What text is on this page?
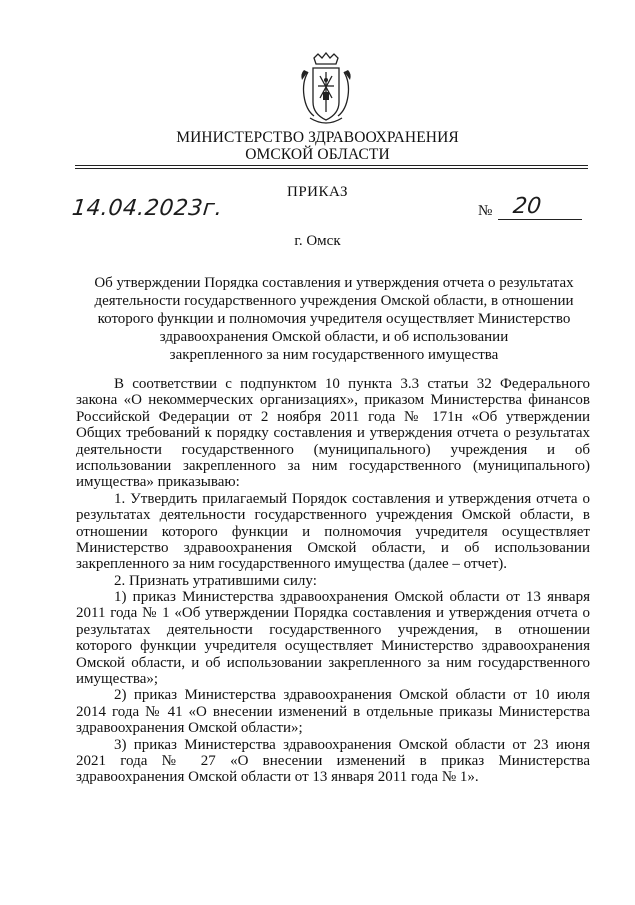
МИНИСТЕРСТВО ЗДРАВООХРАНЕНИЯ
ОМСКОЙ ОБЛАСТИ
ПРИКАЗ
14.04.2023г.	№ 20
г. Омск
Об утверждении Порядка составления и утверждения отчета о результатах
деятельности государственного учреждения Омской области, в отношении
которого функции и полномочия учредителя осуществляет Министерство
здравоохранения Омской области, и об использовании
закрепленного за ним государственного имущества
В соответствии с подпунктом 10 пункта 3.3 статьи 32 Федерального
закона «О некоммерческих организациях», приказом Министерства финансов
Российской Федерации от 2 ноября 2011 года № 171н «Об утверждении
Общих требований к порядку составления и утверждения отчета о результатах
деятельности государственного (муниципального) учреждения и об
использовании закрепленного за ним государственного (муниципального)
имущества» приказываю:
1. Утвердить прилагаемый Порядок составления и утверждения отчета о
результатах деятельности государственного учреждения Омской области, в
отношении которого функции и полномочия учредителя осуществляет
Министерство здравоохранения Омской области, и об использовании
закрепленного за ним государственного имущества (далее – отчет).
2. Признать утратившими силу:
1) приказ Министерства здравоохранения Омской области от 13 января
2011 года № 1 «Об утверждении Порядка составления и утверждения отчета о
результатах деятельности государственного учреждения, в отношении
которого функции учредителя осуществляет Министерство здравоохранения
Омской области, и об использовании закрепленного за ним государственного
имущества»;
2) приказ Министерства здравоохранения Омской области от 10 июля
2014 года № 41 «О внесении изменений в отдельные приказы Министерства
здравоохранения Омской области»;
3) приказ Министерства здравоохранения Омской области от 23 июня
2021 года № 27 «О внесении изменений в приказ Министерства
здравоохранения Омской области от 13 января 2011 года № 1».
